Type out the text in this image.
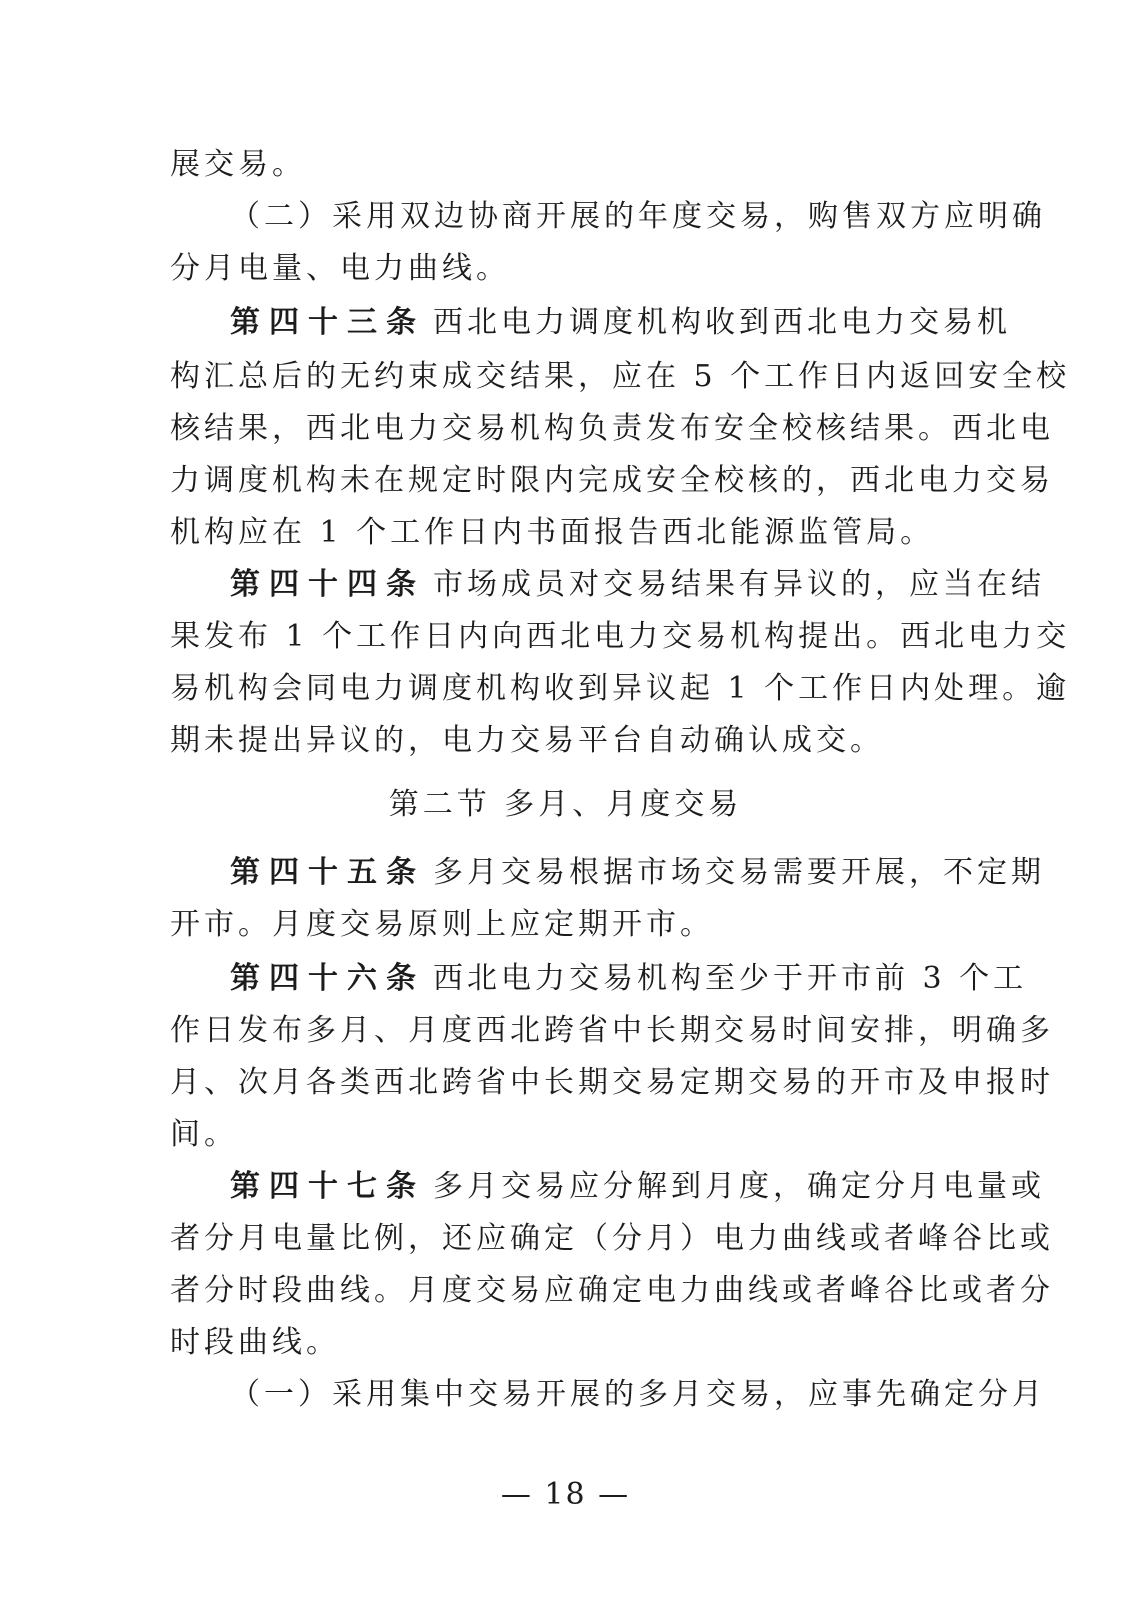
展交易。
（二）采用双边协商开展的年度交易，购售双方应明确
分月电量、电力曲线。
第四十三条 西北电力调度机构收到西北电力交易机
构汇总后的无约束成交结果，应在 5 个工作日内返回安全校
核结果，西北电力交易机构负责发布安全校核结果。西北电
力调度机构未在规定时限内完成安全校核的，西北电力交易
机构应在 1 个工作日内书面报告西北能源监管局。
第四十四条 市场成员对交易结果有异议的，应当在结
果发布 1 个工作日内向西北电力交易机构提出。西北电力交
易机构会同电力调度机构收到异议起 1 个工作日内处理。逾
期未提出异议的，电力交易平台自动确认成交。
第二节 多月、月度交易
第四十五条 多月交易根据市场交易需要开展，不定期
开市。月度交易原则上应定期开市。
第四十六条 西北电力交易机构至少于开市前 3 个工
作日发布多月、月度西北跨省中长期交易时间安排，明确多
月、次月各类西北跨省中长期交易定期交易的开市及申报时
间。
第四十七条 多月交易应分解到月度，确定分月电量或
者分月电量比例，还应确定（分月）电力曲线或者峰谷比或
者分时段曲线。月度交易应确定电力曲线或者峰谷比或者分
时段曲线。
（一）采用集中交易开展的多月交易，应事先确定分月
— 18 —
